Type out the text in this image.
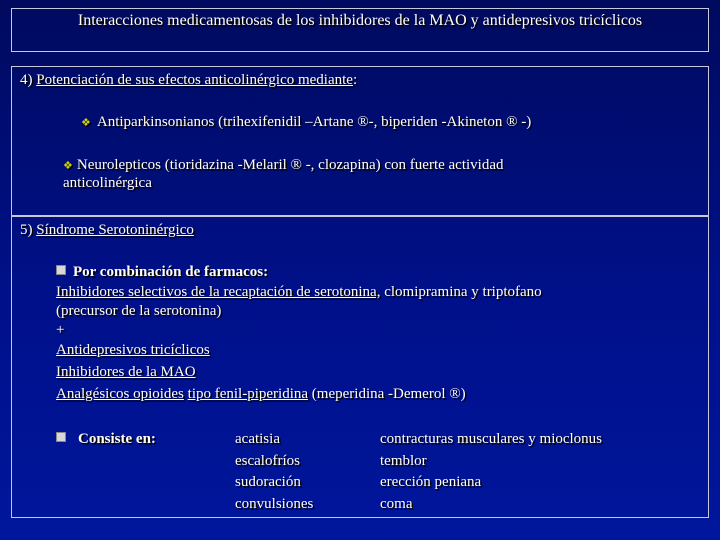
Interacciones medicamentosas de los inhibidores de la MAO y antidepresivos tricíclicos
4) Potenciación de sus efectos anticolinérgico mediante:
❖ Antiparkinsonianos (trihexifenidil –Artane ®-, biperiden -Akineton ® -)
❖ Neurolepticos (tioridazina -Melaril ® -, clozapina) con fuerte actividad
anticolinérgica
5) Síndrome Serotoninérgico
Por combinación de farmacos:
Inhibidores selectivos de la recaptación de serotonina, clomipramina y triptofano
(precursor de la serotonina)
+
Antidepresivos tricíclicos
Inhibidores de la MAO
Analgésicos opioides tipo fenil-piperidina (meperidina -Demerol ®)
Consiste en:	acatisia
escalofríos
sudoración
convulsiones
contracturas musculares y mioclonus
temblor
erección peniana
coma
